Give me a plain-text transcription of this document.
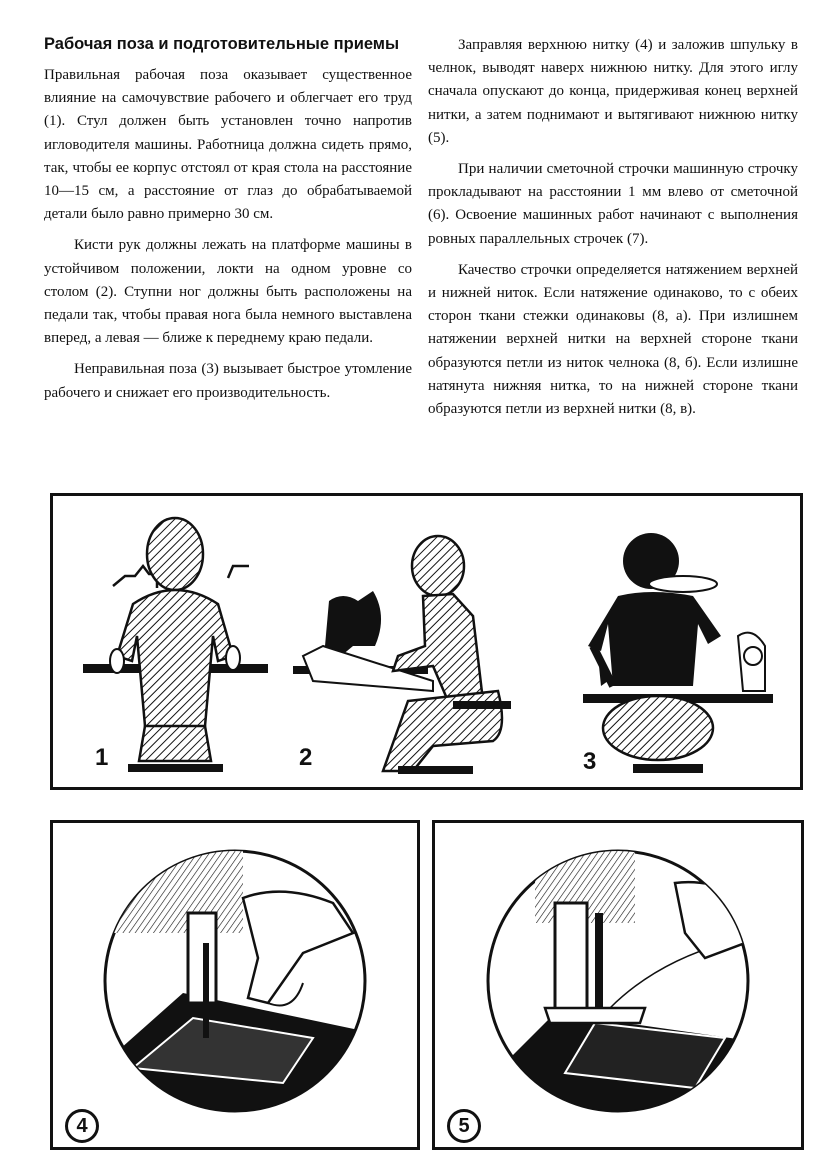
Рабочая поза и подготовительные приемы

Правильная рабочая поза оказывает существенное влияние на самочувствие рабочего и облегчает его труд (1). Стул должен быть установлен точно напротив игловодителя машины. Работница должна сидеть прямо, так, чтобы ее корпус отстоял от края стола на расстояние 10—15 см, а расстояние от глаз до обрабатываемой детали было равно примерно 30 см.

Кисти рук должны лежать на платформе машины в устойчивом положении, локти на одном уровне со столом (2). Ступни ног должны быть расположены на педали так, чтобы правая нога была немного выставлена вперед, а левая — ближе к переднему краю педали.

Неправильная поза (3) вызывает быстрое утомление рабочего и снижает его производительность.

Заправляя верхнюю нитку (4) и заложив шпульку в челнок, выводят наверх нижнюю нитку. Для этого иглу сначала опускают до конца, придерживая конец верхней нитки, а затем поднимают и вытягивают нижнюю нитку (5).

При наличии сметочной строчки машинную строчку прокладывают на расстоянии 1 мм влево от сметочной (6). Освоение машинных работ начинают с выполнения ровных параллельных строчек (7).

Качество строчки определяется натяжением верхней и нижней ниток. Если натяжение одинаково, то с обеих сторон ткани стежки одинаковы (8, а). При излишнем натяжении верхней нитки на верхней стороне ткани образуются петли из ниток челнока (8, б). Если излишне натянута нижняя нитка, то на нижней стороне ткани образуются петли из верхней нитки (8, в).

1	2	3
4	5
